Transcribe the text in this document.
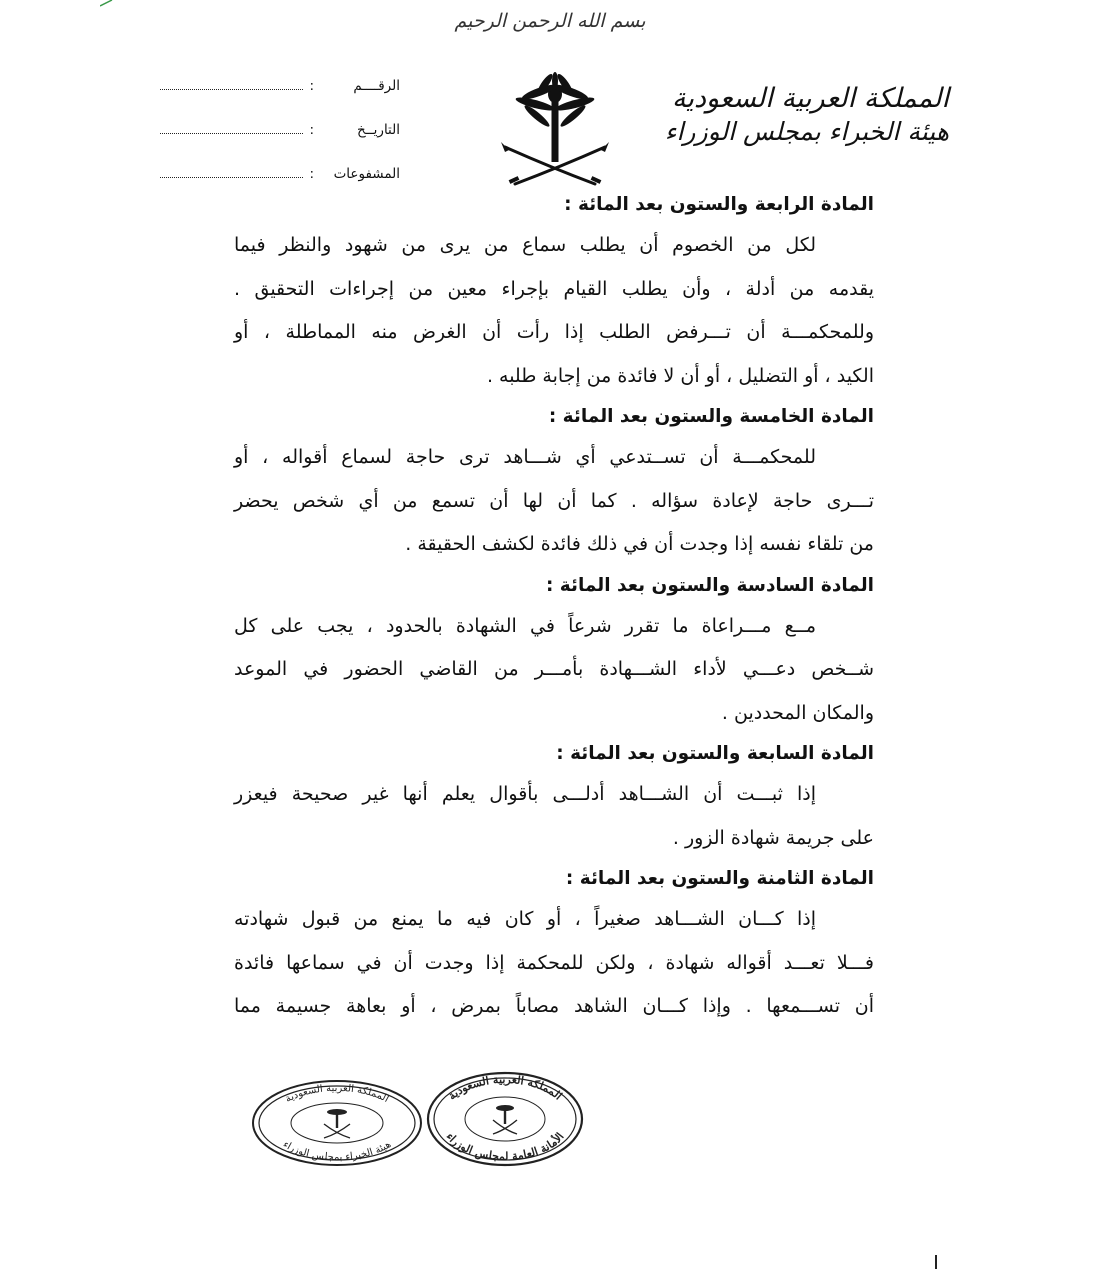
بسم الله الرحمن الرحيم
الرقــــم
:
التاريــخ
:
المشفوعات
:
المملكة العربية السعودية
هيئة الخبراء بمجلس الوزراء
المادة الرابعة والستون بعد المائة :
لكل من الخصوم أن يطلب سماع من يرى من شهود والنظر فيما
يقدمه من أدلة ، وأن يطلب القيام بإجراء معين من إجراءات التحقيق .
وللمحكمـــة أن تـــرفض الطلب إذا رأت أن الغرض منه المماطلة ، أو
الكيد ، أو التضليل ، أو أن لا فائدة من إجابة طلبه .
المادة الخامسة والستون بعد المائة :
للمحكمـــة أن تســتدعي أي شـــاهد ترى حاجة لسماع أقواله ، أو
تـــرى حاجة لإعادة سؤاله . كما أن لها أن تسمع من أي شخص يحضر
من تلقاء نفسه إذا وجدت أن في ذلك فائدة لكشف الحقيقة .
المادة السادسة والستون بعد المائة :
مــع مـــراعاة ما تقرر شرعاً في الشهادة بالحدود ، يجب على كل
شــخص دعـــي لأداء الشـــهادة بأمـــر من القاضي الحضور في الموعد
والمكان المحددين .
المادة السابعة والستون بعد المائة :
إذا ثبـــت أن الشـــاهد أدلـــى بأقوال يعلم أنها غير صحيحة فيعزر
على جريمة شهادة الزور .
المادة الثامنة والستون بعد المائة :
إذا كـــان الشـــاهد صغيراً ، أو كان فيه ما يمنع من قبول شهادته
فـــلا تعـــد أقواله شهادة ، ولكن للمحكمة إذا وجدت أن في سماعها فائدة
أن تســـمعها . وإذا كـــان الشاهد مصاباً بمرض ، أو بعاهة جسيمة مما
المملكة العربية السعودية
هيئة الخبراء بمجلس الوزراء
المملكة العربية السعودية
الأمانة العامة لمجلس الوزراء
